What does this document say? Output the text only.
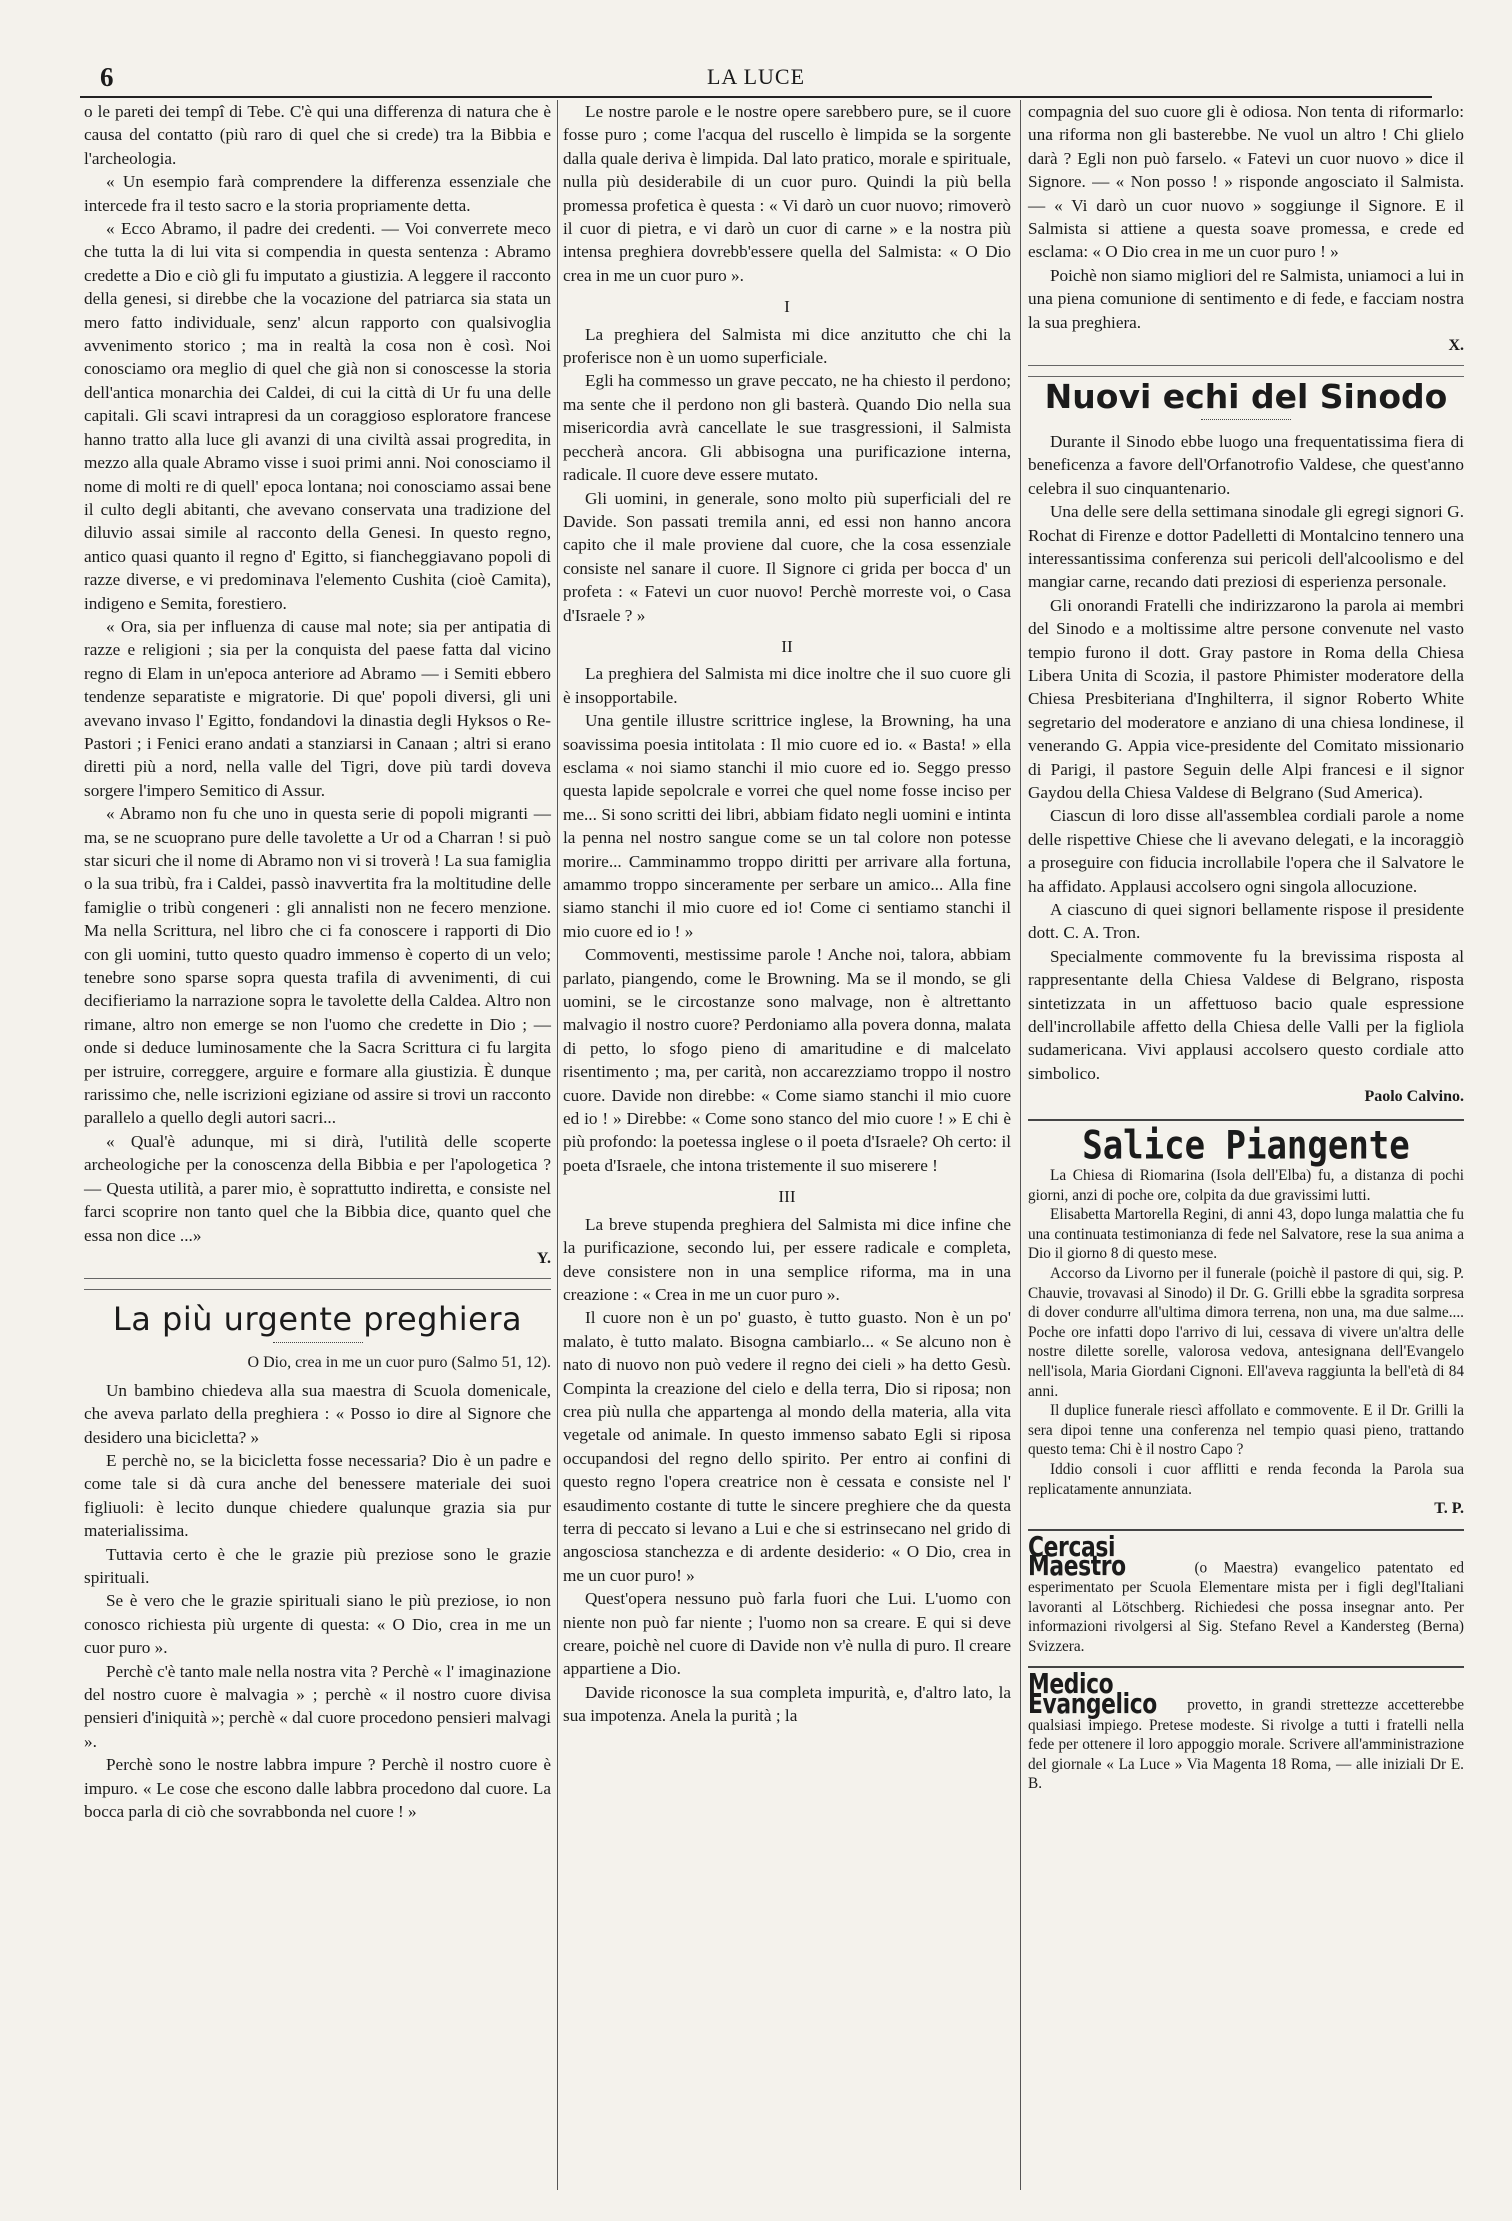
6	LA LUCE

o le pareti dei tempî di Tebe. C'è qui una differenza di natura che è causa del contatto (più raro di quel che si crede) tra la Bibbia e l'archeologia.

« Un esempio farà comprendere la differenza essenziale che intercede fra il testo sacro e la storia propriamente detta.

« Ecco Abramo, il padre dei credenti. — Voi converrete meco che tutta la di lui vita si compendia in questa sentenza : Abramo credette a Dio e ciò gli fu imputato a giustizia. A leggere il racconto della genesi, si direbbe che la vocazione del patriarca sia stata un mero fatto individuale, senz' alcun rapporto con qualsivoglia avvenimento storico ; ma in realtà la cosa non è così. Noi conosciamo ora meglio di quel che già non si conoscesse la storia dell'antica monarchia dei Caldei, di cui la città di Ur fu una delle capitali. Gli scavi intrapresi da un coraggioso esploratore francese hanno tratto alla luce gli avanzi di una civiltà assai progredita, in mezzo alla quale Abramo visse i suoi primi anni. Noi conosciamo il nome di molti re di quell' epoca lontana; noi conosciamo assai bene il culto degli abitanti, che avevano conservata una tradizione del diluvio assai simile al racconto della Genesi. In questo regno, antico quasi quanto il regno d' Egitto, si fiancheggiavano popoli di razze diverse, e vi predominava l'elemento Cushita (cioè Camita), indigeno e Semita, forestiero.

« Ora, sia per influenza di cause mal note; sia per antipatia di razze e religioni ; sia per la conquista del paese fatta dal vicino regno di Elam in un'epoca anteriore ad Abramo — i Semiti ebbero tendenze separatiste e migratorie. Di que' popoli diversi, gli uni avevano invaso l' Egitto, fondandovi la dinastia degli Hyksos o Re-Pastori ; i Fenici erano andati a stanziarsi in Canaan ; altri si erano diretti più a nord, nella valle del Tigri, dove più tardi doveva sorgere l'impero Semitico di Assur.

« Abramo non fu che uno in questa serie di popoli migranti — ma, se ne scuoprano pure delle tavolette a Ur od a Charran ! si può star sicuri che il nome di Abramo non vi si troverà ! La sua famiglia o la sua tribù, fra i Caldei, passò inavvertita fra la moltitudine delle famiglie o tribù congeneri : gli annalisti non ne fecero menzione. Ma nella Scrittura, nel libro che ci fa conoscere i rapporti di Dio con gli uomini, tutto questo quadro immenso è coperto di un velo; tenebre sono sparse sopra questa trafila di avvenimenti, di cui decifieriamo la narrazione sopra le tavolette della Caldea. Altro non rimane, altro non emerge se non l'uomo che credette in Dio ; — onde si deduce luminosamente che la Sacra Scrittura ci fu largita per istruire, correggere, arguire e formare alla giustizia. È dunque rarissimo che, nelle iscrizioni egiziane od assire si trovi un racconto parallelo a quello degli autori sacri...

« Qual'è adunque, mi si dirà, l'utilità delle scoperte archeologiche per la conoscenza della Bibbia e per l'apologetica ? — Questa utilità, a parer mio, è soprattutto indiretta, e consiste nel farci scoprire non tanto quel che la Bibbia dice, quanto quel che essa non dice ...»

Y.

La più urgente preghiera
O Dio, crea in me un cuor puro (Salmo 51, 12).

Un bambino chiedeva alla sua maestra di Scuola domenicale, che aveva parlato della preghiera : « Posso io dire al Signore che desidero una bicicletta? »

E perchè no, se la bicicletta fosse necessaria? Dio è un padre e come tale si dà cura anche del benessere materiale dei suoi figliuoli: è lecito dunque chiedere qualunque grazia sia pur materialissima.

Tuttavia certo è che le grazie più preziose sono le grazie spirituali.

Se è vero che le grazie spirituali siano le più preziose, io non conosco richiesta più urgente di questa: « O Dio, crea in me un cuor puro ».

Perchè c'è tanto male nella nostra vita ? Perchè « l' imaginazione del nostro cuore è malvagia » ; perchè « il nostro cuore divisa pensieri d'iniquità »; perchè « dal cuore procedono pensieri malvagi ».

Perchè sono le nostre labbra impure ? Perchè il nostro cuore è impuro. « Le cose che escono dalle labbra procedono dal cuore. La bocca parla di ciò che sovrabbonda nel cuore ! »

Le nostre parole e le nostre opere sarebbero pure, se il cuore fosse puro ; come l'acqua del ruscello è limpida se la sorgente dalla quale deriva è limpida. Dal lato pratico, morale e spirituale, nulla più desiderabile di un cuor puro. Quindi la più bella promessa profetica è questa : « Vi darò un cuor nuovo; rimoverò il cuor di pietra, e vi darò un cuor di carne » e la nostra più intensa preghiera dovrebb'essere quella del Salmista: « O Dio crea in me un cuor puro ».

I

La preghiera del Salmista mi dice anzitutto che chi la proferisce non è un uomo superficiale.

Egli ha commesso un grave peccato, ne ha chiesto il perdono; ma sente che il perdono non gli basterà. Quando Dio nella sua misericordia avrà cancellate le sue trasgressioni, il Salmista peccherà ancora. Gli abbisogna una purificazione interna, radicale. Il cuore deve essere mutato.

Gli uomini, in generale, sono molto più superficiali del re Davide. Son passati tremila anni, ed essi non hanno ancora capito che il male proviene dal cuore, che la cosa essenziale consiste nel sanare il cuore. Il Signore ci grida per bocca d' un profeta : « Fatevi un cuor nuovo! Perchè morreste voi, o Casa d'Israele ? »

II

La preghiera del Salmista mi dice inoltre che il suo cuore gli è insopportabile.

Una gentile illustre scrittrice inglese, la Browning, ha una soavissima poesia intitolata : Il mio cuore ed io. « Basta! » ella esclama « noi siamo stanchi il mio cuore ed io. Seggo presso questa lapide sepolcrale e vorrei che quel nome fosse inciso per me... Si sono scritti dei libri, abbiam fidato negli uomini e intinta la penna nel nostro sangue come se un tal colore non potesse morire... Camminammo troppo diritti per arrivare alla fortuna, amammo troppo sinceramente per serbare un amico... Alla fine siamo stanchi il mio cuore ed io! Come ci sentiamo stanchi il mio cuore ed io ! »

Commoventi, mestissime parole ! Anche noi, talora, abbiam parlato, piangendo, come le Browning. Ma se il mondo, se gli uomini, se le circostanze sono malvage, non è altrettanto malvagio il nostro cuore? Perdoniamo alla povera donna, malata di petto, lo sfogo pieno di amaritudine e di malcelato risentimento ; ma, per carità, non accarezziamo troppo il nostro cuore. Davide non direbbe: « Come siamo stanchi il mio cuore ed io ! » Direbbe: « Come sono stanco del mio cuore ! » E chi è più profondo: la poetessa inglese o il poeta d'Israele? Oh certo: il poeta d'Israele, che intona tristemente il suo miserere !

III

La breve stupenda preghiera del Salmista mi dice infine che la purificazione, secondo lui, per essere radicale e completa, deve consistere non in una semplice riforma, ma in una creazione : « Crea in me un cuor puro ».

Il cuore non è un po' guasto, è tutto guasto. Non è un po' malato, è tutto malato. Bisogna cambiarlo... « Se alcuno non è nato di nuovo non può vedere il regno dei cieli » ha detto Gesù. Compinta la creazione del cielo e della terra, Dio si riposa; non crea più nulla che appartenga al mondo della materia, alla vita vegetale od animale. In questo immenso sabato Egli si riposa occupandosi del regno dello spirito. Per entro ai confini di questo regno l'opera creatrice non è cessata e consiste nel l' esaudimento costante di tutte le sincere preghiere che da questa terra di peccato si levano a Lui e che si estrinsecano nel grido di angosciosa stanchezza e di ardente desiderio: « O Dio, crea in me un cuor puro! »

Quest'opera nessuno può farla fuori che Lui. L'uomo con niente non può far niente ; l'uomo non sa creare. E qui si deve creare, poichè nel cuore di Davide non v'è nulla di puro. Il creare appartiene a Dio.

Davide riconosce la sua completa impurità, e, d'altro lato, la sua impotenza. Anela la purità ; la

compagnia del suo cuore gli è odiosa. Non tenta di riformarlo: una riforma non gli basterebbe. Ne vuol un altro ! Chi glielo darà ? Egli non può farselo. « Fatevi un cuor nuovo » dice il Signore. — « Non posso ! » risponde angosciato il Salmista. — « Vi darò un cuor nuovo » soggiunge il Signore. E il Salmista si attiene a questa soave promessa, e crede ed esclama: « O Dio crea in me un cuor puro ! »

Poichè non siamo migliori del re Salmista, uniamoci a lui in una piena comunione di sentimento e di fede, e facciam nostra la sua preghiera.

X.

Nuovi echi del Sinodo

Durante il Sinodo ebbe luogo una frequentatissima fiera di beneficenza a favore dell'Orfanotrofio Valdese, che quest'anno celebra il suo cinquantenario.

Una delle sere della settimana sinodale gli egregi signori G. Rochat di Firenze e dottor Padelletti di Montalcino tennero una interessantissima conferenza sui pericoli dell'alcoolismo e del mangiar carne, recando dati preziosi di esperienza personale.

Gli onorandi Fratelli che indirizzarono la parola ai membri del Sinodo e a moltissime altre persone convenute nel vasto tempio furono il dott. Gray pastore in Roma della Chiesa Libera Unita di Scozia, il pastore Phimister moderatore della Chiesa Presbiteriana d'Inghilterra, il signor Roberto White segretario del moderatore e anziano di una chiesa londinese, il venerando G. Appia vice-presidente del Comitato missionario di Parigi, il pastore Seguin delle Alpi francesi e il signor Gaydou della Chiesa Valdese di Belgrano (Sud America).

Ciascun di loro disse all'assemblea cordiali parole a nome delle rispettive Chiese che li avevano delegati, e la incoraggiò a proseguire con fiducia incrollabile l'opera che il Salvatore le ha affidato. Applausi accolsero ogni singola allocuzione.

A ciascuno di quei signori bellamente rispose il presidente dott. C. A. Tron.

Specialmente commovente fu la brevissima risposta al rappresentante della Chiesa Valdese di Belgrano, risposta sintetizzata in un affettuoso bacio quale espressione dell'incrollabile affetto della Chiesa delle Valli per la figliola sudamericana. Vivi applausi accolsero questo cordiale atto simbolico.

Paolo Calvino.

Salice Piangente

La Chiesa di Riomarina (Isola dell'Elba) fu, a distanza di pochi giorni, anzi di poche ore, colpita da due gravissimi lutti.

Elisabetta Martorella Regini, di anni 43, dopo lunga malattia che fu una continuata testimonianza di fede nel Salvatore, rese la sua anima a Dio il giorno 8 di questo mese.

Accorso da Livorno per il funerale (poichè il pastore di qui, sig. P. Chauvie, trovavasi al Sinodo) il Dr. G. Grilli ebbe la sgradita sorpresa di dover condurre all'ultima dimora terrena, non una, ma due salme.... Poche ore infatti dopo l'arrivo di lui, cessava di vivere un'altra delle nostre dilette sorelle, valorosa vedova, antesignana dell'Evangelo nell'isola, Maria Giordani Cignoni. Ell'aveva raggiunta la bell'età di 84 anni.

Il duplice funerale riescì affollato e commovente. E il Dr. Grilli la sera dipoi tenne una conferenza nel tempio quasi pieno, trattando questo tema: Chi è il nostro Capo ?

Iddio consoli i cuor afflitti e renda feconda la Parola sua replicatamente annunziata.

T. P.

Cercasi Maestro	(o Maestra) evangelico patentato ed esperimentato per Scuola Elementare mista per i figli degl'Italiani lavoranti al Lötschberg. Richiedesi che possa insegnar anto. Per informazioni rivolgersi al Sig. Stefano Revel a Kandersteg (Berna) Svizzera.
Medico Evangelico provetto, in grandi strettezze accetterebbe qualsiasi impiego. Pretese modeste. Si rivolge a tutti i fratelli nella fede per ottenere il loro appoggio morale. Scrivere all'amministrazione del giornale « La Luce » Via Magenta 18 Roma, — alle iniziali Dr E. B.
